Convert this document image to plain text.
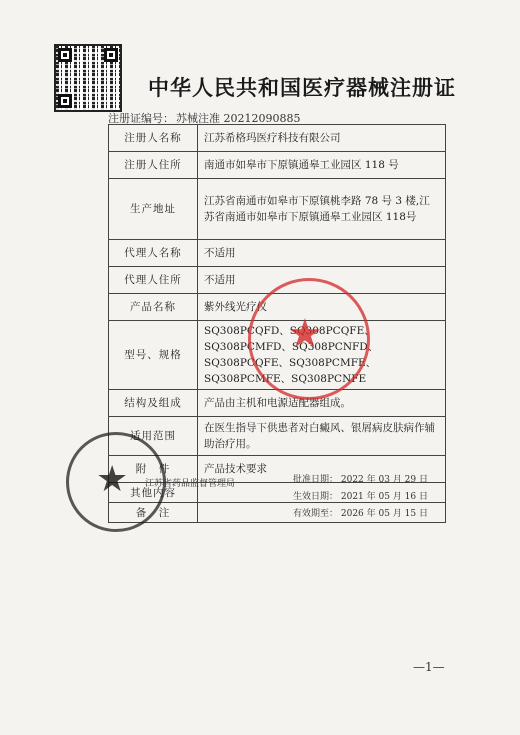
中华人民共和国医疗器械注册证
注册证编号： 苏械注准 20212090885
注册人名称	江苏希格玛医疗科技有限公司
注册人住所	南通市如皋市下原镇通皋工业园区 118 号
生产地址	江苏省南通市如皋市下原镇桃李路 78 号 3 楼,江苏省南通市如皋市下原镇通皋工业园区 118号
代理人名称	不适用
代理人住所	不适用
产品名称	紫外线光疗仪
型号、规格	SQ308PCQFD、SQ308PCQFE、SQ308PCMFD、SQ308PCNFD、SQ308PCQFE、SQ308PCMFE、SQ308PCMFE、SQ308PCNFE
结构及组成	产品由主机和电源适配器组成。
适用范围	在医生指导下供患者对白癜风、银屑病皮肤病作辅助治疗用。
附　件	产品技术要求
其他内容	
备　注	
★
★ 江苏省药品监督管理局	批准日期： 2022 年 03 月 29 日
生效日期： 2021 年 05 月 16 日
有效期至： 2026 年 05 月 15 日
—1—
